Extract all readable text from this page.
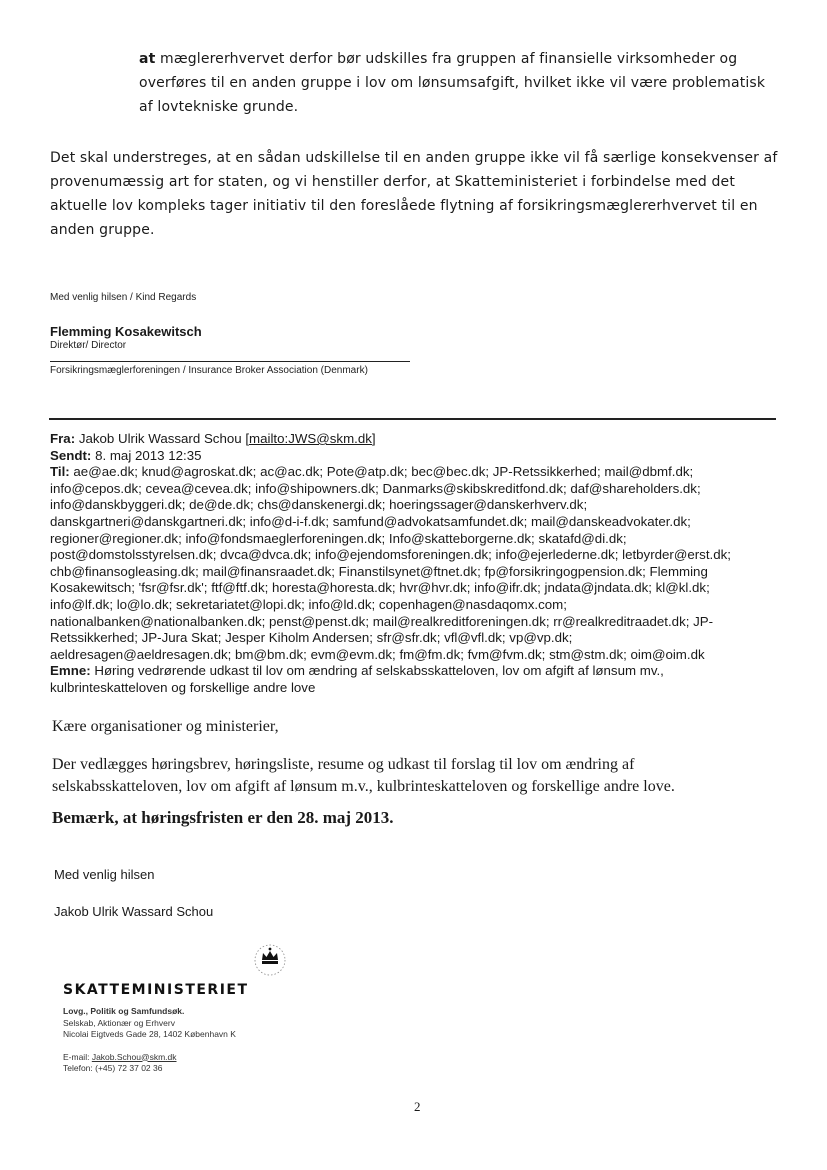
at mæglererhvervet derfor bør udskilles fra gruppen af finansielle virksomheder og overføres til en anden gruppe i lov om lønsumsafgift, hvilket ikke vil være problematisk af lovtekniske grunde.
Det skal understreges, at en sådan udskillelse til en anden gruppe ikke vil få særlige konsekvenser af provenumæssig art for staten, og vi henstiller derfor, at Skatteministeriet i forbindelse med det aktuelle lov kompleks tager initiativ til den foreslåede flytning af forsikringsmæglererhvervet til en anden gruppe.
Med venlig hilsen / Kind Regards
Flemming Kosakewitsch
Direktør/ Director
Forsikringsmæglerforeningen / Insurance Broker Association (Denmark)
Fra: Jakob Ulrik Wassard Schou [mailto:JWS@skm.dk]
Sendt: 8. maj 2013 12:35
Til: ae@ae.dk; knud@agroskat.dk; ac@ac.dk; Pote@atp.dk; bec@bec.dk; JP-Retssikkerhed; mail@dbmf.dk;
info@cepos.dk; cevea@cevea.dk; info@shipowners.dk; Danmarks@skibskreditfond.dk; daf@shareholders.dk;
info@danskbyggeri.dk; de@de.dk; chs@danskenergi.dk; hoeringssager@danskerhverv.dk;
danskgartneri@danskgartneri.dk; info@d-i-f.dk; samfund@advokatsamfundet.dk; mail@danskeadvokater.dk;
regioner@regioner.dk; info@fondsmaeglerforeningen.dk; Info@skatteborgerne.dk; skatafd@di.dk;
post@domstolsstyrelsen.dk; dvca@dvca.dk; info@ejendomsforeningen.dk; info@ejerlederne.dk; letbyrder@erst.dk;
chb@finansogleasing.dk; mail@finansraadet.dk; Finanstilsynet@ftnet.dk; fp@forsikringogpension.dk; Flemming
Kosakewitsch; 'fsr@fsr.dk'; ftf@ftf.dk; horesta@horesta.dk; hvr@hvr.dk; info@ifr.dk; jndata@jndata.dk; kl@kl.dk;
info@lf.dk; lo@lo.dk; sekretariatet@lopi.dk; info@ld.dk; copenhagen@nasdaqomx.com;
nationalbanken@nationalbanken.dk; penst@penst.dk; mail@realkreditforeningen.dk; rr@realkreditraadet.dk; JP-
Retssikkerhed; JP-Jura Skat; Jesper Kiholm Andersen; sfr@sfr.dk; vfl@vfl.dk; vp@vp.dk;
aeldresagen@aeldresagen.dk; bm@bm.dk; evm@evm.dk; fm@fm.dk; fvm@fvm.dk; stm@stm.dk; oim@oim.dk
Emne: Høring vedrørende udkast til lov om ændring af selskabsskatteloven, lov om afgift af lønsum mv., kulbrinteskatteloven og forskellige andre love
Kære organisationer og ministerier,
Der vedlægges høringsbrev, høringsliste, resume og udkast til forslag til lov om ændring af selskabsskatteloven, lov om afgift af lønsum m.v., kulbrinteskatteloven og forskellige andre love.
Bemærk, at høringsfristen er den 28. maj 2013.
Med venlig hilsen
Jakob Ulrik Wassard Schou
SKATTEMINISTERIET
Lovg., Politik og Samfundsøk.
Selskab, Aktionær og Erhverv
Nicolai Eigtveds Gade 28, 1402 København K
E-mail: Jakob.Schou@skm.dk
Telefon: (+45) 72 37 02 36
2
